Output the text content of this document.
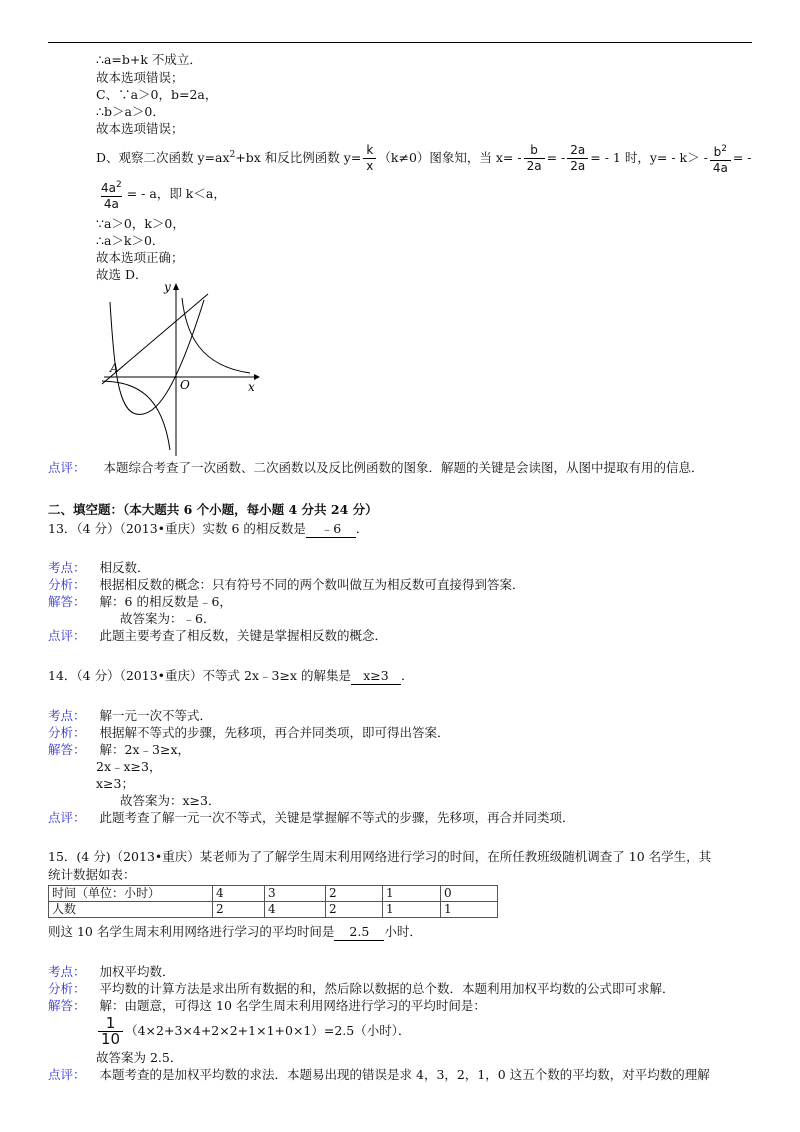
∴a=b+k 不成立．
故本选项错误；
C、∵a＞0，b=2a，
∴b＞a＞0．
故本选项错误；
D、观察二次函数 $y=ax^2+bx$ 和反比例函数 $y= \frac{k}{x} (k\ne 0)$图象知，当 $x= - \frac{b}{2a}$ = - $\frac{2a}{2a}$ = - 1 时，$y= - k> - \frac{b^2}{4a}$ = -
$\frac{4a^2}{4a}$ = - a，即 k＜a，
∵a＞0，k＞0，
∴a＞k＞0．
故本选项正确；
故选 D．
y
x
O
A
点评： 本题综合考查了一次函数、二次函数以及反比例函数的图象．解题的关键是会读图，从图中提取有用的信息．
二、填空题：（本大题共 6 个小题，每小题 4 分共 24 分）
13．（4 分）（2013•重庆）实数 6 的相反数是 ﹣6 ．
考点： 相反数．
分析： 根据相反数的概念：只有符号不同的两个数叫做互为相反数可直接得到答案．
解答： 解：6 的相反数是﹣6，
故答案为：﹣6．
点评： 此题主要考查了相反数，关键是掌握相反数的概念．
14．（4 分）（2013•重庆）不等式 2x﹣3≥x 的解集是 x≥3 ．
考点： 解一元一次不等式．
分析： 根据解不等式的步骤，先移项，再合并同类项，即可得出答案．
解答： 解：2x﹣3≥x，
2x﹣x≥3，
x≥3；
故答案为：x≥3．
点评： 此题考查了解一元一次不等式，关键是掌握解不等式的步骤，先移项，再合并同类项．
15．(4 分)（2013•重庆）某老师为了了解学生周末利用网络进行学习的时间，在所任教班级随机调查了 10 名学生，其
统计数据如表：
时间（单位：小时）	4	3	2	1	0
人数	2	4	2	1	1
则这 10 名学生周末利用网络进行学习的平均时间是 2.5 小时．
考点： 加权平均数．
分析： 平均数的计算方法是求出所有数据的和，然后除以数据的总个数．本题利用加权平均数的公式即可求解．
解答： 解：由题意，可得这 10 名学生周末利用网络进行学习的平均时间是：
$\frac{1}{10} (4\times 2+3\times 4+2\times 2+1\times 1+0\times 1)=2.5$（小时）．
故答案为 2.5．
点评： 本题考查的是加权平均数的求法．本题易出现的错误是求 4，3，2，1，0 这五个数的平均数，对平均数的理解
